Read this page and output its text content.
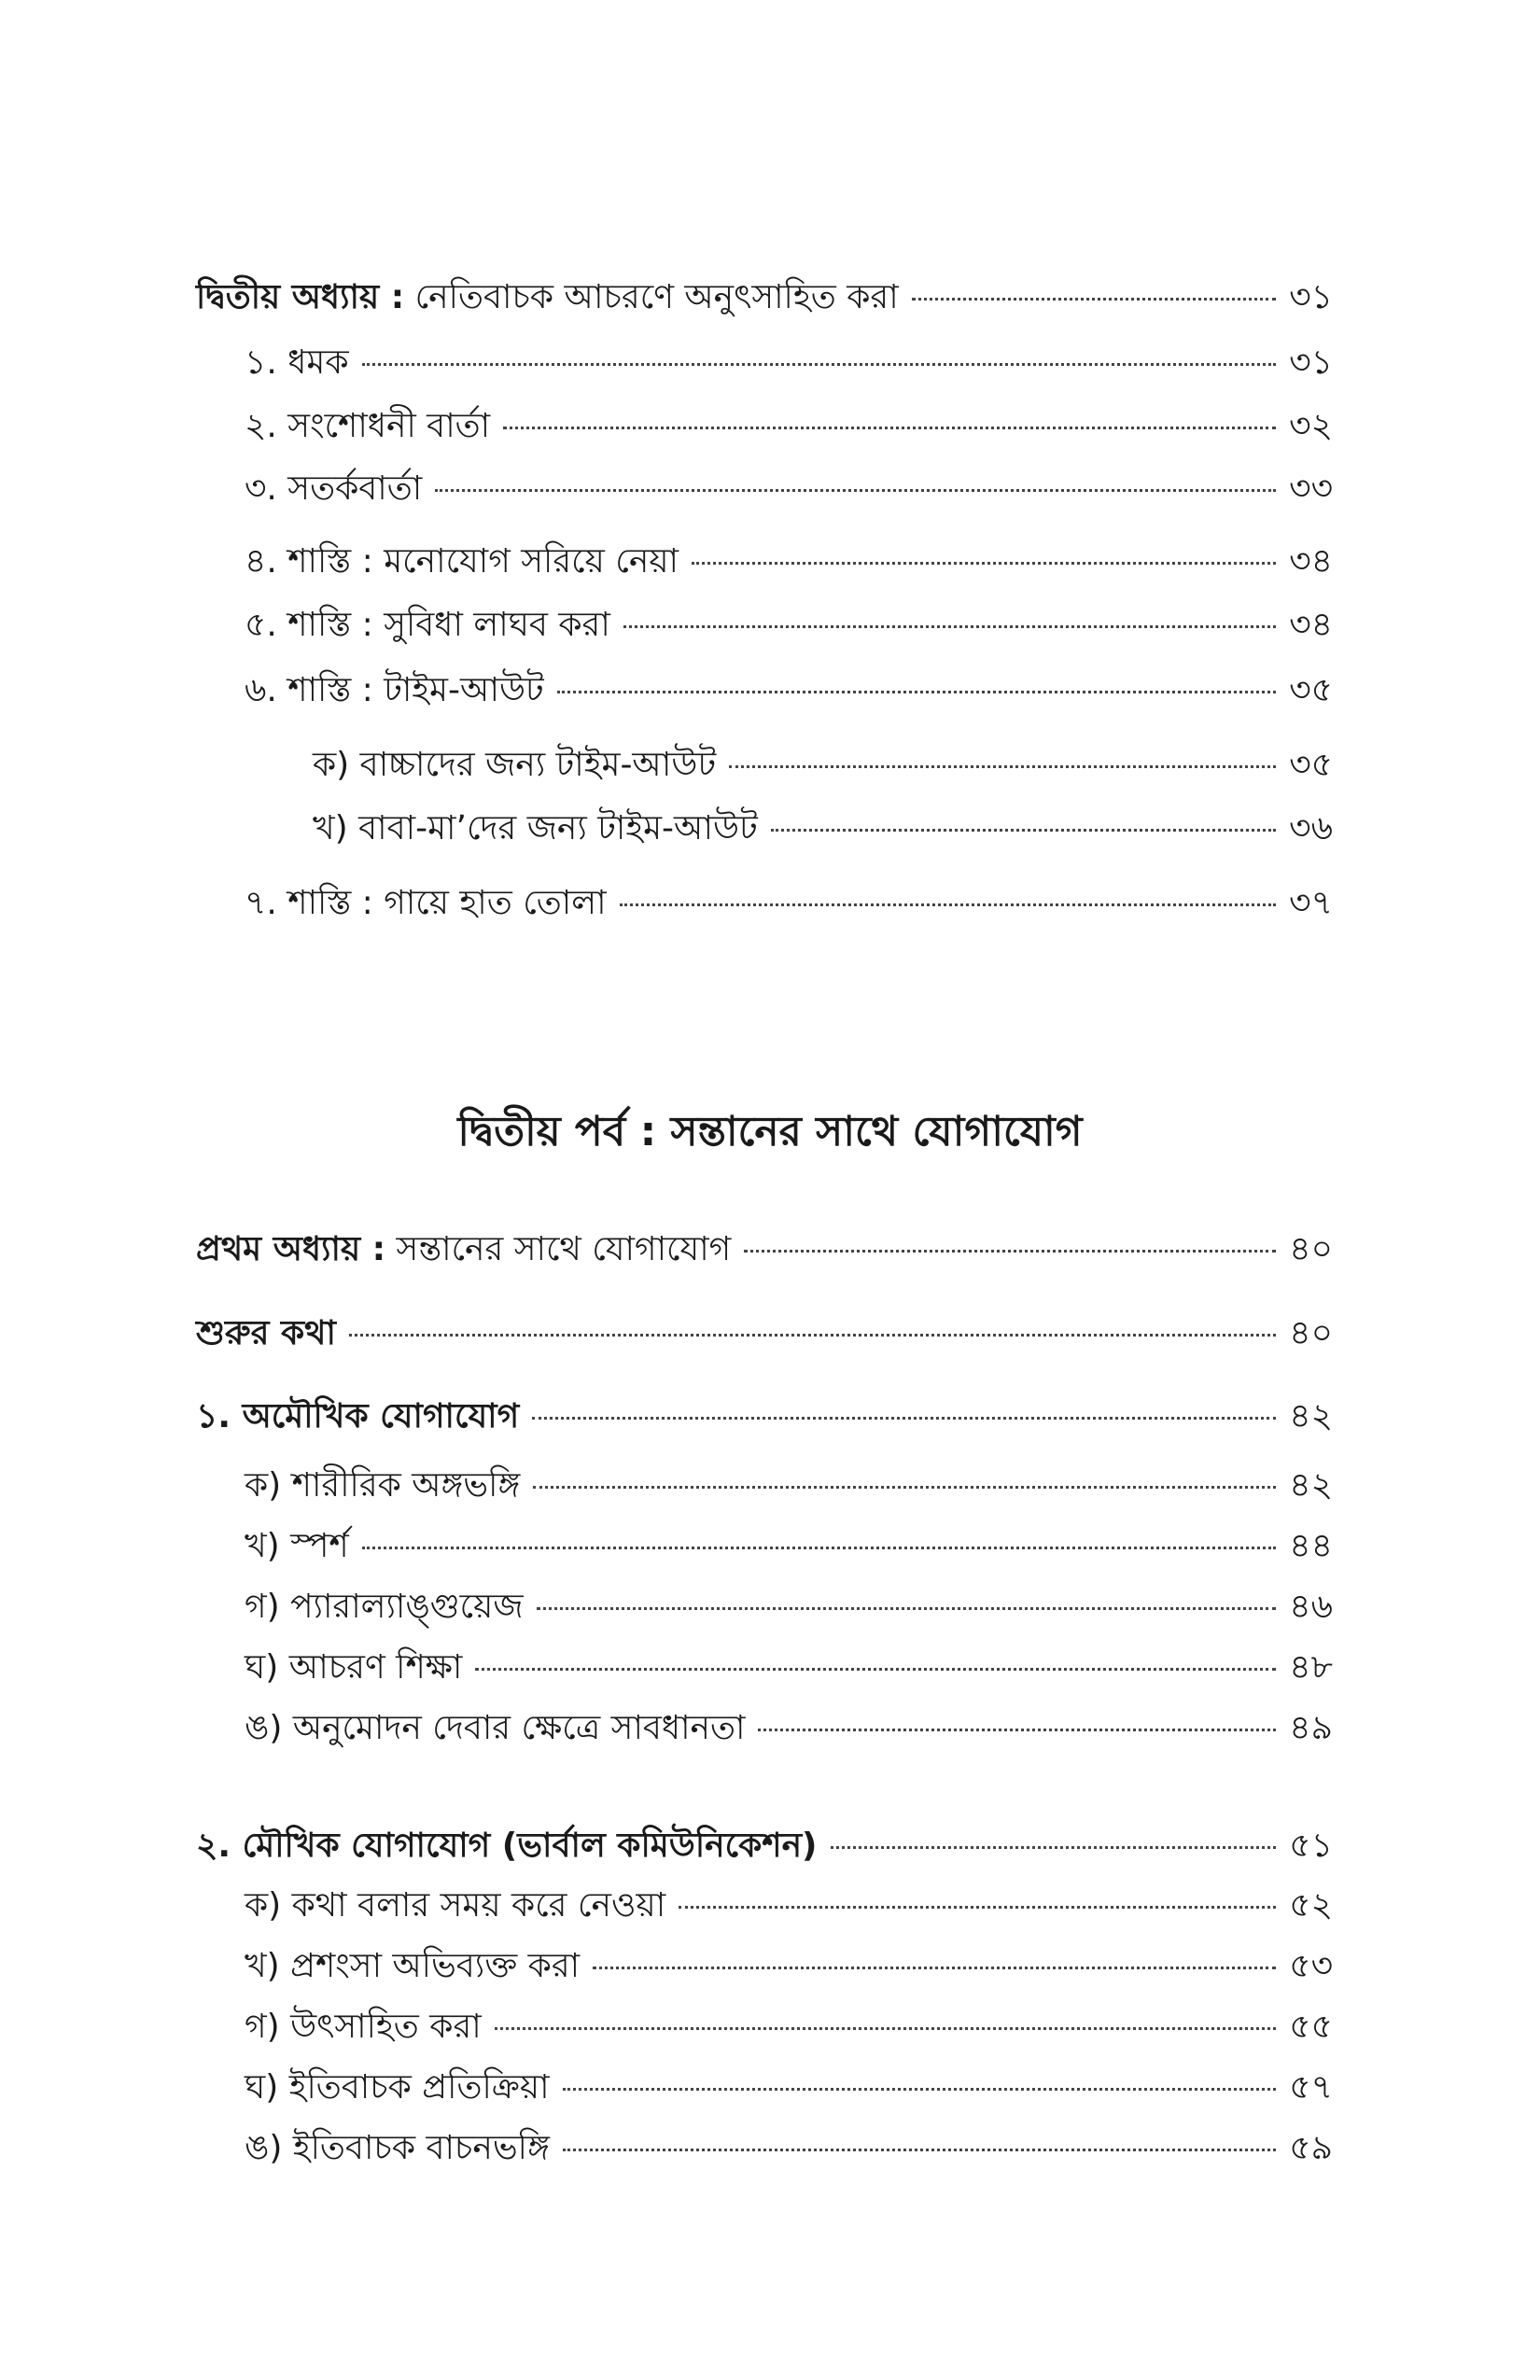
দ্বিতীয় অধ্যায় : নেতিবাচক আচরণে অনুৎসাহিত করা	৩১
১. ধমক	৩১
২. সংশোধনী বার্তা	৩২
৩. সতর্কবার্তা	৩৩
৪. শাস্তি : মনোযোগ সরিয়ে নেয়া	৩৪
৫. শাস্তি : সুবিধা লাঘব করা	৩৪
৬. শাস্তি : টাইম-আউট	৩৫
ক) বাচ্চাদের জন্য টাইম-আউট	৩৫
খ) বাবা-মা’দের জন্য টাইম-আউট	৩৬
৭. শাস্তি : গায়ে হাত তোলা	৩৭
দ্বিতীয় পর্ব : সন্তানের সাথে যোগাযোগ
প্রথম অধ্যায় : সন্তানের সাথে যোগাযোগ	৪০
শুরুর কথা	৪০
১. অমৌখিক যোগাযোগ	৪২
ক) শারীরিক অঙ্গভঙ্গি	৪২
খ) স্পর্শ	৪৪
গ) প্যারাল্যাঙ্গুয়েজ	৪৬
ঘ) আচরণ শিক্ষা	৪৮
ঙ) অনুমোদন দেবার ক্ষেত্রে সাবধানতা	৪৯
২. মৌখিক যোগাযোগ (ভার্বাল কমিউনিকেশন)	৫১
ক) কথা বলার সময় করে নেওয়া	৫২
খ) প্রশংসা অভিব্যক্ত করা	৫৩
গ) উৎসাহিত করা	৫৫
ঘ) ইতিবাচক প্রতিক্রিয়া	৫৭
ঙ) ইতিবাচক বাচনভঙ্গি	৫৯
